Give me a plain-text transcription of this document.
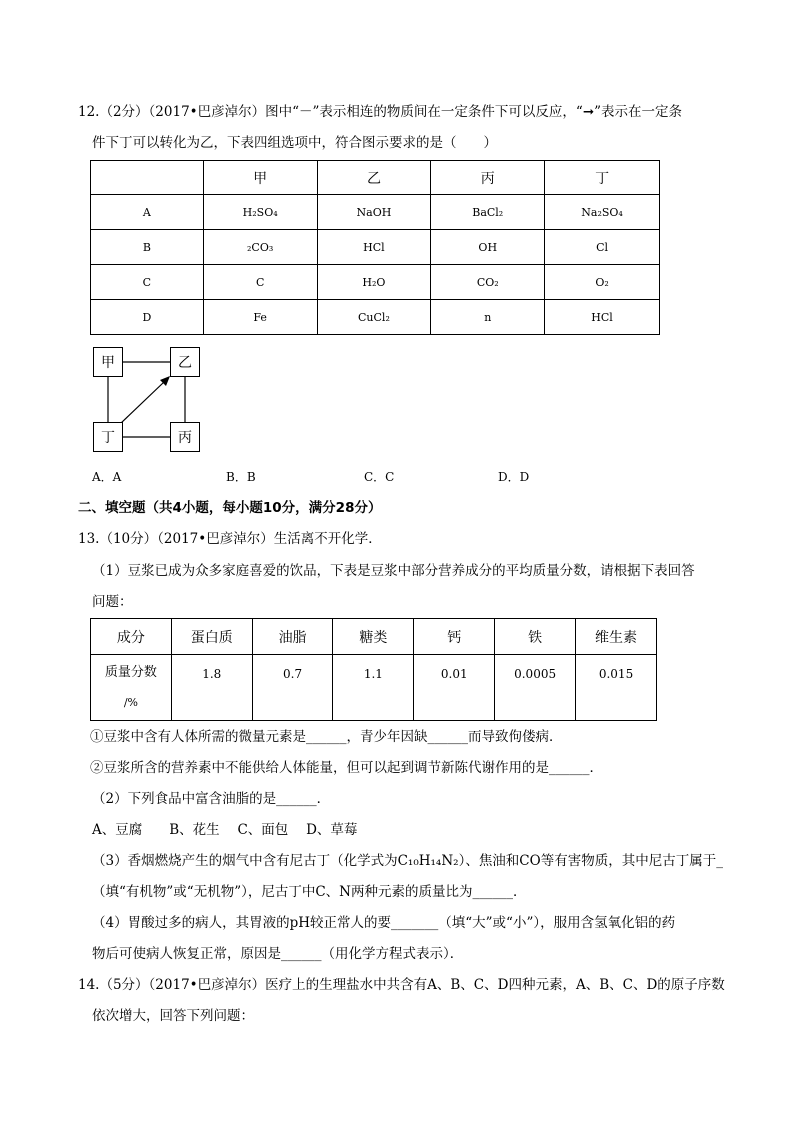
12.（2分）（2017•巴彦淖尔）图中“－”表示相连的物质间在一定条件下可以反应，“➞”表示在一定条
件下丁可以转化为乙，下表四组选项中，符合图示要求的是（　　）
	甲	乙	丙	丁
A	H₂SO₄	NaOH	BaCl₂	Na₂SO₄
B	₂CO₃	HCl	OH	Cl
C	C	H₂O	CO₂	O₂
D	Fe	CuCl₂	n	HCl
甲	乙
丁	丙
A．A	B．B	C．C	D．D
二、填空题（共4小题，每小题10分，满分28分）
13.（10分）（2017•巴彦淖尔）生活离不开化学．
（1）豆浆已成为众多家庭喜爱的饮品，下表是豆浆中部分营养成分的平均质量分数，请根据下表回答
问题：
成分	蛋白质	油脂	糖类	钙	铁	维生素

质量分数
/%	1.8	0.7	1.1	0.01	0.0005	0.015
①豆浆中含有人体所需的微量元素是______，青少年因缺______而导致佝偻病．
②豆浆所含的营养素中不能供给人体能量，但可以起到调节新陈代谢作用的是______．
（2）下列食品中富含油脂的是______．
A、豆腐　　B、花生　 C、面包　 D、草莓
（3）香烟燃烧产生的烟气中含有尼古丁（化学式为C₁₀H₁₄N₂）、焦油和CO等有害物质，其中尼古丁属于_
（填“有机物”或“无机物”），尼古丁中C、N两种元素的质量比为______．
（4）胃酸过多的病人，其胃液的pH较正常人的要_______（填“大”或“小”），服用含氢氧化铝的药
物后可使病人恢复正常，原因是______（用化学方程式表示）．
14.（5分）（2017•巴彦淖尔）医疗上的生理盐水中共含有A、B、C、D四种元素，A、B、C、D的原子序数
依次增大，回答下列问题：
